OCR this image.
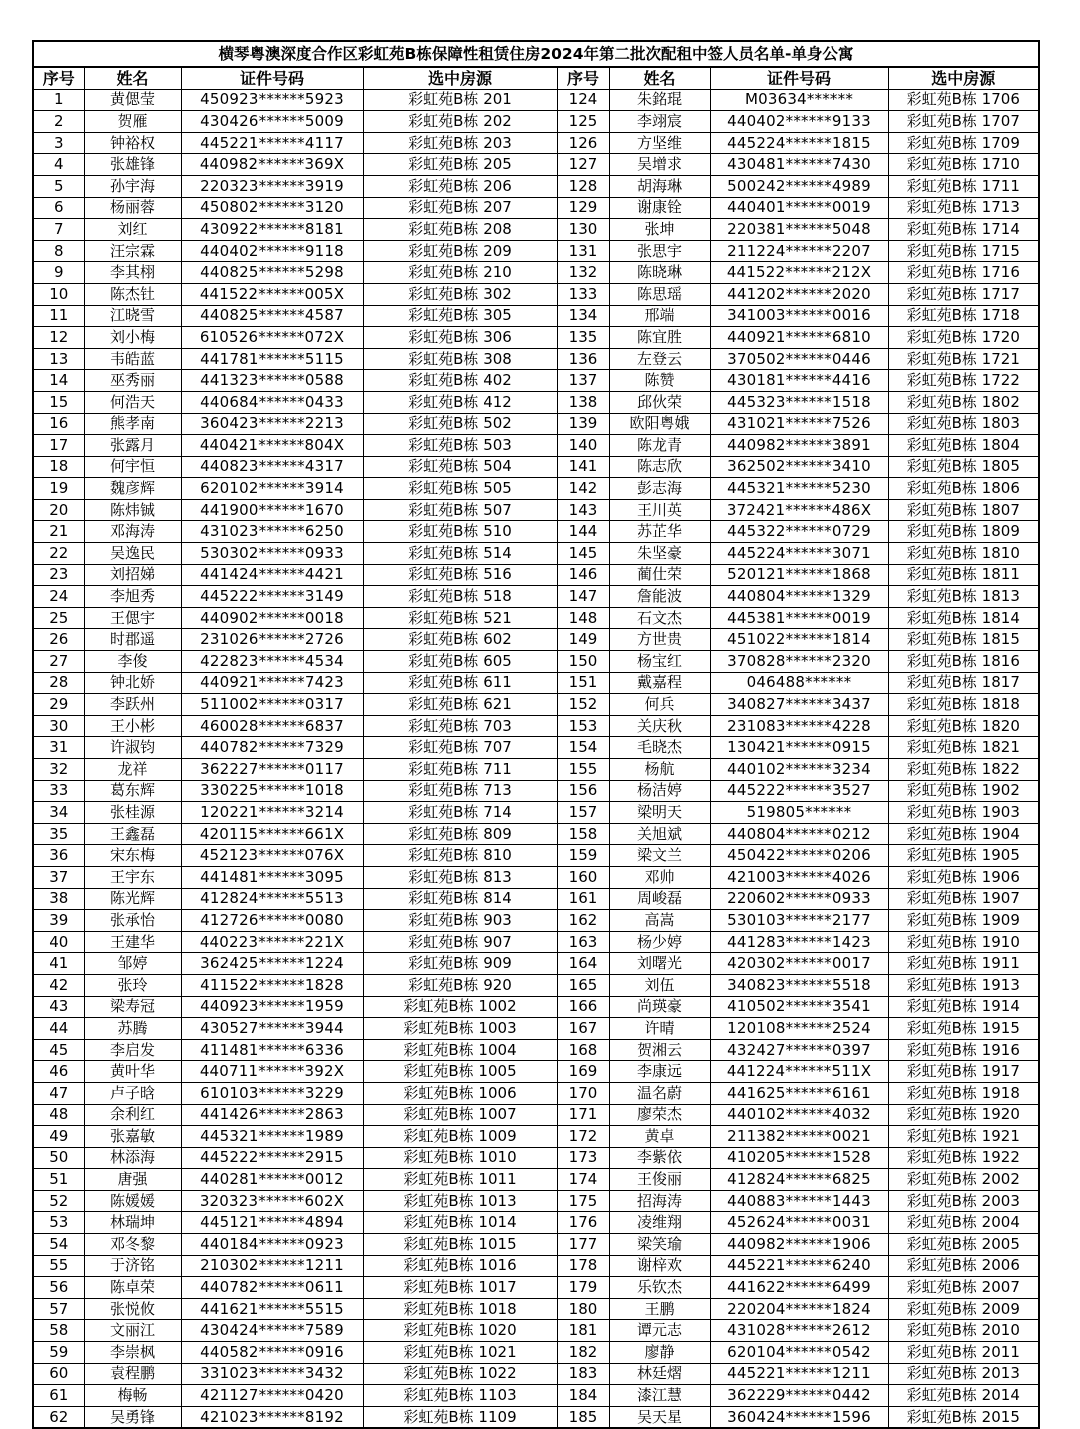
横琴粤澳深度合作区彩虹苑B栋保障性租赁住房2024年第二批次配租中签人员名单-单身公寓
序号	姓名	证件号码	选中房源	序号	姓名	证件号码	选中房源
1	黄偲莹	450923******5923	彩虹苑B栋 201	124	朱銘琨	M03634******	彩虹苑B栋 1706
2	贺雁	430426******5009	彩虹苑B栋 202	125	李翊宸	440402******9133	彩虹苑B栋 1707
3	钟裕权	445221******4117	彩虹苑B栋 203	126	方坚维	445224******1815	彩虹苑B栋 1709
4	张雄锋	440982******369X	彩虹苑B栋 205	127	吴增求	430481******7430	彩虹苑B栋 1710
5	孙宇海	220323******3919	彩虹苑B栋 206	128	胡海琳	500242******4989	彩虹苑B栋 1711
6	杨丽蓉	450802******3120	彩虹苑B栋 207	129	谢康铨	440401******0019	彩虹苑B栋 1713
7	刘红	430922******8181	彩虹苑B栋 208	130	张坤	220381******5048	彩虹苑B栋 1714
8	汪宗霖	440402******9118	彩虹苑B栋 209	131	张思宇	211224******2207	彩虹苑B栋 1715
9	李其栩	440825******5298	彩虹苑B栋 210	132	陈晓琳	441522******212X	彩虹苑B栋 1716
10	陈杰钍	441522******005X	彩虹苑B栋 302	133	陈思瑶	441202******2020	彩虹苑B栋 1717
11	江晓雪	440825******4587	彩虹苑B栋 305	134	邢端	341003******0016	彩虹苑B栋 1718
12	刘小梅	610526******072X	彩虹苑B栋 306	135	陈宜胜	440921******6810	彩虹苑B栋 1720
13	韦皓蓝	441781******5115	彩虹苑B栋 308	136	左登云	370502******0446	彩虹苑B栋 1721
14	巫秀丽	441323******0588	彩虹苑B栋 402	137	陈赞	430181******4416	彩虹苑B栋 1722
15	何浩天	440684******0433	彩虹苑B栋 412	138	邱伙荣	445323******1518	彩虹苑B栋 1802
16	熊孝南	360423******2213	彩虹苑B栋 502	139	欧阳粤娥	431021******7526	彩虹苑B栋 1803
17	张露月	440421******804X	彩虹苑B栋 503	140	陈龙青	440982******3891	彩虹苑B栋 1804
18	何宇恒	440823******4317	彩虹苑B栋 504	141	陈志欣	362502******3410	彩虹苑B栋 1805
19	魏彦辉	620102******3914	彩虹苑B栋 505	142	彭志海	445321******5230	彩虹苑B栋 1806
20	陈炜铖	441900******1670	彩虹苑B栋 507	143	王川英	372421******486X	彩虹苑B栋 1807
21	邓海涛	431023******6250	彩虹苑B栋 510	144	苏芷华	445322******0729	彩虹苑B栋 1809
22	吴逸民	530302******0933	彩虹苑B栋 514	145	朱坚豪	445224******3071	彩虹苑B栋 1810
23	刘招娣	441424******4421	彩虹苑B栋 516	146	蔺仕荣	520121******1868	彩虹苑B栋 1811
24	李旭秀	445222******3149	彩虹苑B栋 518	147	詹能波	440804******1329	彩虹苑B栋 1813
25	王偲宇	440902******0018	彩虹苑B栋 521	148	石文杰	445381******0019	彩虹苑B栋 1814
26	时郡遥	231026******2726	彩虹苑B栋 602	149	方世贵	451022******1814	彩虹苑B栋 1815
27	李俊	422823******4534	彩虹苑B栋 605	150	杨宝红	370828******2320	彩虹苑B栋 1816
28	钟北娇	440921******7423	彩虹苑B栋 611	151	戴嘉程	046488******	彩虹苑B栋 1817
29	李跃州	511002******0317	彩虹苑B栋 621	152	何兵	340827******3437	彩虹苑B栋 1818
30	王小彬	460028******6837	彩虹苑B栋 703	153	关庆秋	231083******4228	彩虹苑B栋 1820
31	许淑钧	440782******7329	彩虹苑B栋 707	154	毛晓杰	130421******0915	彩虹苑B栋 1821
32	龙祥	362227******0117	彩虹苑B栋 711	155	杨航	440102******3234	彩虹苑B栋 1822
33	葛东辉	330225******1018	彩虹苑B栋 713	156	杨洁婷	445222******3527	彩虹苑B栋 1902
34	张桂源	120221******3214	彩虹苑B栋 714	157	梁明天	519805******	彩虹苑B栋 1903
35	王鑫磊	420115******661X	彩虹苑B栋 809	158	关旭斌	440804******0212	彩虹苑B栋 1904
36	宋东梅	452123******076X	彩虹苑B栋 810	159	梁文兰	450422******0206	彩虹苑B栋 1905
37	王宇东	441481******3095	彩虹苑B栋 813	160	邓帅	421003******4026	彩虹苑B栋 1906
38	陈光辉	412824******5513	彩虹苑B栋 814	161	周峻磊	220602******0933	彩虹苑B栋 1907
39	张承怡	412726******0080	彩虹苑B栋 903	162	高嵩	530103******2177	彩虹苑B栋 1909
40	王建华	440223******221X	彩虹苑B栋 907	163	杨少婷	441283******1423	彩虹苑B栋 1910
41	邹婷	362425******1224	彩虹苑B栋 909	164	刘曙光	420302******0017	彩虹苑B栋 1911
42	张玲	411522******1828	彩虹苑B栋 920	165	刘伍	340823******5518	彩虹苑B栋 1913
43	梁寿冠	440923******1959	彩虹苑B栋 1002	166	尚瑛豪	410502******3541	彩虹苑B栋 1914
44	苏腾	430527******3944	彩虹苑B栋 1003	167	许晴	120108******2524	彩虹苑B栋 1915
45	李启发	411481******6336	彩虹苑B栋 1004	168	贺湘云	432427******0397	彩虹苑B栋 1916
46	黄叶华	440711******392X	彩虹苑B栋 1005	169	李康远	441224******511X	彩虹苑B栋 1917
47	卢子晗	610103******3229	彩虹苑B栋 1006	170	温名蔚	441625******6161	彩虹苑B栋 1918
48	余利红	441426******2863	彩虹苑B栋 1007	171	廖荣杰	440102******4032	彩虹苑B栋 1920
49	张嘉敏	445321******1989	彩虹苑B栋 1009	172	黄卓	211382******0021	彩虹苑B栋 1921
50	林添海	445222******2915	彩虹苑B栋 1010	173	李紫依	410205******1528	彩虹苑B栋 1922
51	唐强	440281******0012	彩虹苑B栋 1011	174	王俊丽	412824******6825	彩虹苑B栋 2002
52	陈媛媛	320323******602X	彩虹苑B栋 1013	175	招海涛	440883******1443	彩虹苑B栋 2003
53	林瑞坤	445121******4894	彩虹苑B栋 1014	176	凌维翔	452624******0031	彩虹苑B栋 2004
54	邓冬黎	440184******0923	彩虹苑B栋 1015	177	梁笑瑜	440982******1906	彩虹苑B栋 2005
55	于济铭	210302******1211	彩虹苑B栋 1016	178	谢梓欢	445221******6240	彩虹苑B栋 2006
56	陈卓荣	440782******0611	彩虹苑B栋 1017	179	乐钦杰	441622******6499	彩虹苑B栋 2007
57	张悦攸	441621******5515	彩虹苑B栋 1018	180	王鹏	220204******1824	彩虹苑B栋 2009
58	文丽江	430424******7589	彩虹苑B栋 1020	181	谭元志	431028******2612	彩虹苑B栋 2010
59	李崇枫	440582******0916	彩虹苑B栋 1021	182	廖静	620104******0542	彩虹苑B栋 2011
60	袁程鹏	331023******3432	彩虹苑B栋 1022	183	林廷熠	445221******1211	彩虹苑B栋 2013
61	梅畅	421127******0420	彩虹苑B栋 1103	184	漆江慧	362229******0442	彩虹苑B栋 2014
62	吴勇锋	421023******8192	彩虹苑B栋 1109	185	吴天星	360424******1596	彩虹苑B栋 2015
